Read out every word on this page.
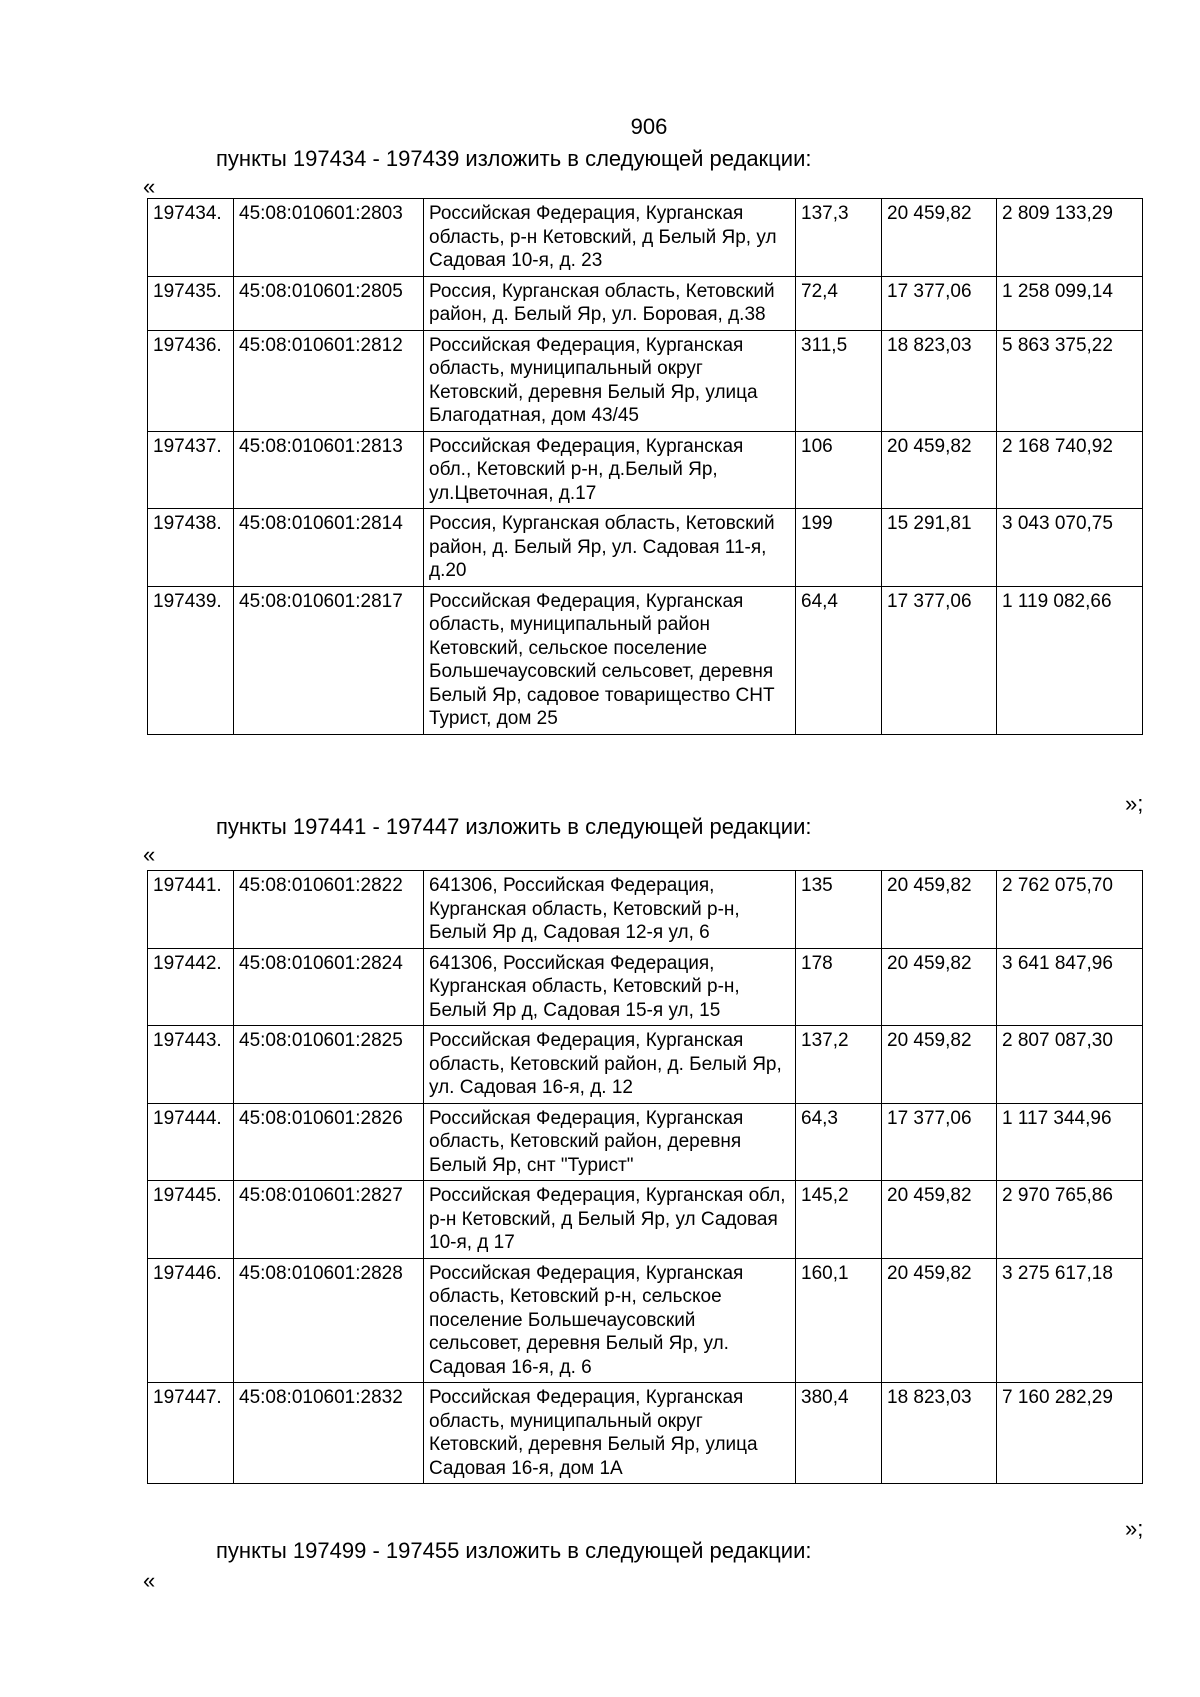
906
пункты 197434 - 197439 изложить в следующей редакции:
«
197434.	45:08:010601:2803	Российская Федерация, Курганская область, р-н Кетовский, д Белый Яр, ул Садовая 10-я, д. 23	137,3	20 459,82	2 809 133,29
197435.	45:08:010601:2805	Россия, Курганская область, Кетовский район, д. Белый Яр, ул. Боровая, д.38	72,4	17 377,06	1 258 099,14
197436.	45:08:010601:2812	Российская Федерация, Курганская область, муниципальный округ Кетовский, деревня Белый Яр, улица Благодатная, дом 43/45	311,5	18 823,03	5 863 375,22
197437.	45:08:010601:2813	Российская Федерация, Курганская обл., Кетовский р-н, д.Белый Яр, ул.Цветочная, д.17	106	20 459,82	2 168 740,92
197438.	45:08:010601:2814	Россия, Курганская область, Кетовский район, д. Белый Яр, ул. Садовая 11-я, д.20	199	15 291,81	3 043 070,75
197439.	45:08:010601:2817	Российская Федерация, Курганская область, муниципальный район Кетовский, сельское поселение Большечаусовский сельсовет, деревня Белый Яр, садовое товарищество СНТ Турист, дом 25	64,4	17 377,06	1 119 082,66
»;
пункты 197441 - 197447 изложить в следующей редакции:
«
197441.	45:08:010601:2822	641306, Российская Федерация, Курганская область, Кетовский р-н, Белый Яр д, Садовая 12-я ул, 6	135	20 459,82	2 762 075,70
197442.	45:08:010601:2824	641306, Российская Федерация, Курганская область, Кетовский р-н, Белый Яр д, Садовая 15-я ул, 15	178	20 459,82	3 641 847,96
197443.	45:08:010601:2825	Российская Федерация, Курганская область, Кетовский район, д. Белый Яр, ул. Садовая 16-я, д. 12	137,2	20 459,82	2 807 087,30
197444.	45:08:010601:2826	Российская Федерация, Курганская область, Кетовский район, деревня Белый Яр, снт "Турист"	64,3	17 377,06	1 117 344,96
197445.	45:08:010601:2827	Российская Федерация, Курганская обл, р-н Кетовский, д Белый Яр, ул Садовая 10-я, д 17	145,2	20 459,82	2 970 765,86
197446.	45:08:010601:2828	Российская Федерация, Курганская область, Кетовский р-н, сельское поселение Большечаусовский сельсовет, деревня Белый Яр, ул. Садовая 16-я, д. 6	160,1	20 459,82	3 275 617,18
197447.	45:08:010601:2832	Российская Федерация, Курганская область, муниципальный округ Кетовский, деревня Белый Яр, улица Садовая 16-я, дом 1А	380,4	18 823,03	7 160 282,29
»;
пункты 197499 - 197455 изложить в следующей редакции:
«
